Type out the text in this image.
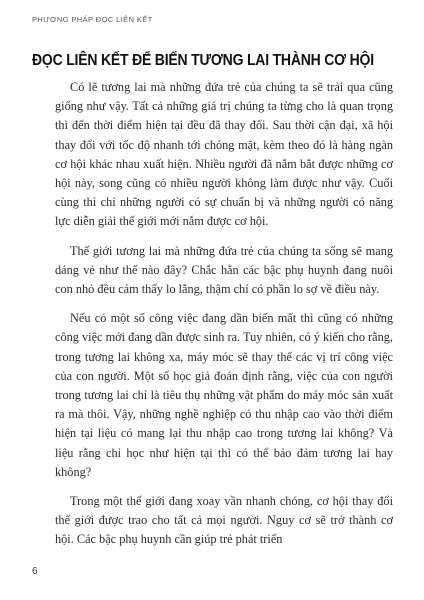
PHƯƠNG PHÁP ĐỌC LIÊN KẾT
ĐỌC LIÊN KẾT ĐỂ BIẾN TƯƠNG LAI THÀNH CƠ HỘI

Có lẽ tương lai mà những đứa trẻ của chúng ta sẽ trải qua cũng giống như vậy. Tất cả những giá trị chúng ta từng cho là quan trọng thì đến thời điểm hiện tại đều đã thay đổi. Sau thời cận đại, xã hội thay đổi với tốc độ nhanh tới chóng mặt, kèm theo đó là hàng ngàn cơ hội khác nhau xuất hiện. Nhiều người đã nắm bắt được những cơ hội này, song cũng có nhiều người không làm được như vậy. Cuối cùng thì chỉ những người có sự chuẩn bị và những người có năng lực diễn giải thế giới mới nắm được cơ hội.

Thế giới tương lai mà những đứa trẻ của chúng ta sống sẽ mang dáng vẻ như thế nào đây? Chắc hẳn các bậc phụ huynh đang nuôi con nhỏ đều cảm thấy lo lắng, thậm chí có phần lo sợ về điều này.

Nếu có một số công việc đang dần biến mất thì cũng có những công việc mới đang dần được sinh ra. Tuy nhiên, có ý kiến cho rằng, trong tương lai không xa, máy móc sẽ thay thế các vị trí công việc của con người. Một số học giả đoán định rằng, việc của con người trong tương lai chỉ là tiêu thụ những vật phẩm do máy móc sản xuất ra mà thôi. Vậy, những nghề nghiệp có thu nhập cao vào thời điểm hiện tại liệu có mang lại thu nhập cao trong tương lai không? Và liệu rằng chỉ học như hiện tại thì có thể bảo đảm tương lai hay không?

Trong một thế giới đang xoay vần nhanh chóng, cơ hội thay đổi thế giới được trao cho tất cả mọi người. Nguy cơ sẽ trở thành cơ hội. Các bậc phụ huynh cần giúp trẻ phát triển

6
